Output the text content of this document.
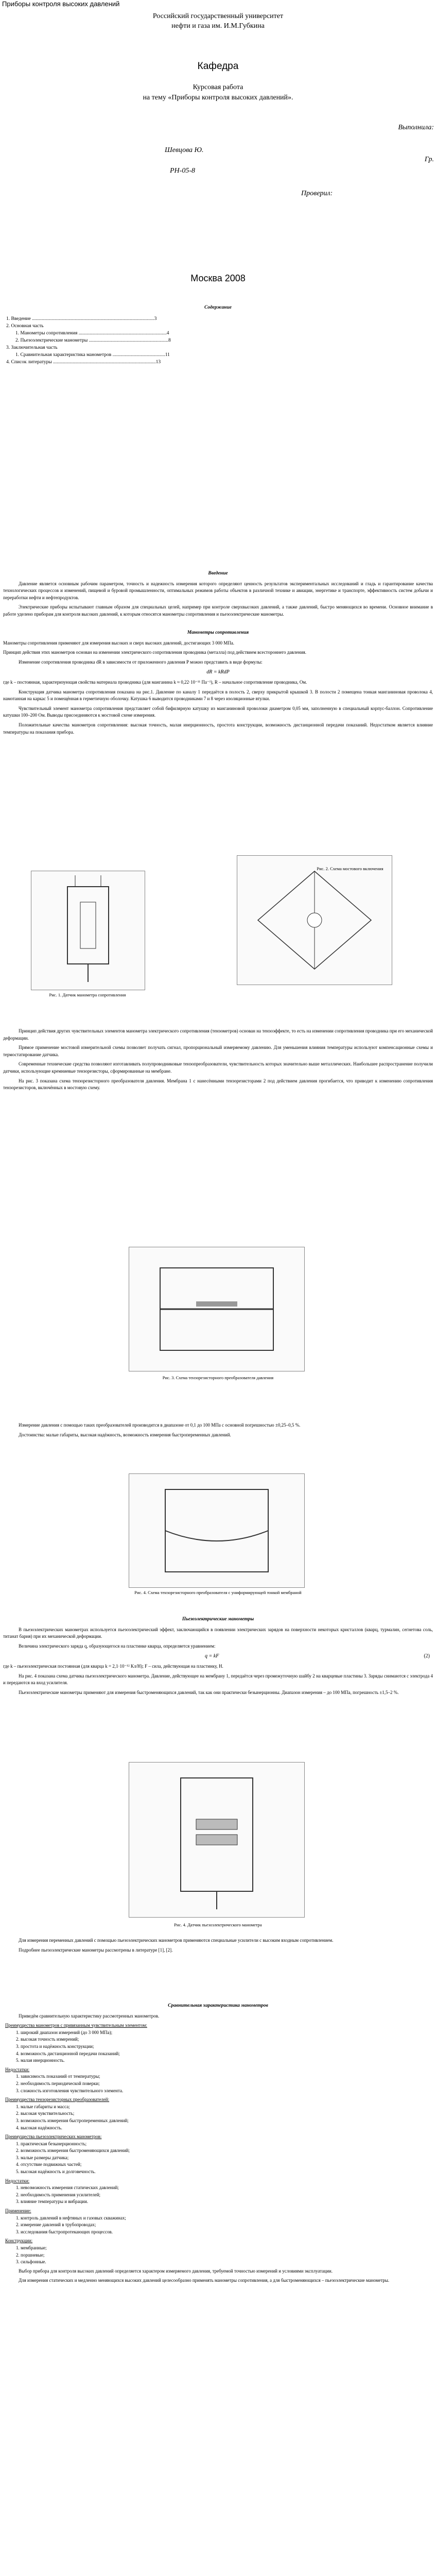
Приборы контроля высоких давлений
Российский государственный университет
нефти и газа им. И.М.Губкина
Кафедра
Курсовая работа
на тему «Приборы контроля высоких давлений».
Выполнила:
Шевцова Ю.
Гр.
РН-05-8
Проверил:
Москва 2008
Содержание
1. Введение ....................................................................................................3
2. Основная часть
1. Манометры сопротивления ........................................................................4
2. Пьезоэлектрические манометры .................................................................8
3. Заключительная часть
1. Сравнительная характеристика манометров ...........................................11
4. Список литературы ....................................................................................13
Введение

Давление является основным рабочим параметром, точность и надежность измерения которого определяют ценность результатов экспериментальных исследований и гладь и гарантирование качества технологических процессов и изменений, пищевой и буровой промышленности, оптимальных режимов работы объектов в различной технике и авиации, энергетике и транспорте, эффективность систем добычи и переработки нефти и нефтепродуктов.

Электрические приборы испытывают главным образом для специальных целей, например при контроле сверхвысоких давлений, а также давлений, быстро меняющихся во времени. Основное внимание в работе уделено приборам для контроля высоких давлений, к которым относятся манометры сопротивления и пьезоэлектрические манометры.

Манометры сопротивления

Манометры сопротивления применяют для измерения высоких и сверх высоких давлений, достигающих 3 000 МПа.

Принцип действия этих манометров основан на изменении электрического сопротивления проводника (металла) под действием всестороннего давления.

Изменение сопротивления проводника dR в зависимости от приложенного давления P можно представить в виде формулы:

dR = kRdP

где k – постоянная, характеризующая свойства материала проводника (для манганина k ≈ 0,22·10⁻¹¹ Па⁻¹), R – начальное сопротивление проводника, Ом.

Конструкция датчика манометра сопротивления показана на рис.1. Давление по каналу 1 передаётся в полость 2, сверху прикрытой крышкой 3. В полости 2 помещена тонкая манганиновая проволока 4, намотанная на каркас 5 и помещённая в герметичную оболочку. Катушка 6 выводится проводниками 7 и 8 через изоляционные втулки.

Чувствительный элемент манометра сопротивления представляет собой бифилярную катушку из манганиновой проволоки диаметром 0,05 мм, заполненную в специальный корпус-баллон. Сопротивление катушки 100–200 Ом. Выводы присоединяются к мостовой схеме измерения.

Положительные качества манометров сопротивления: высокая точность, малая инерционность, простота конструкции, возможность дистанционной передачи показаний. Недостатком является влияние температуры на показания прибора.

Рис. 1. Датчик манометра сопротивления
Рис. 2. Схема мостового включения

Принцип действия других чувствительных элементов манометра электрического сопротивления (тензометров) основан на тензоэффекте, то есть на изменении сопротивления проводника при его механической деформации.

Прямое применение мостовой измерительной схемы позволяет получать сигнал, пропорциональный измеряемому давлению. Для уменьшения влияния температуры используют компенсационные схемы и термостатирование датчика.

Современные технические средства позволяют изготавливать полупроводниковые тензопреобразователи, чувствительность которых значительно выше металлических. Наибольшее распространение получили датчики, использующие кремниевые тензорезисторы, сформированные на мембране.

На рис. 3 показана схема тензорезисторного преобразователя давления. Мембрана 1 с нанесёнными тензорезисторами 2 под действием давления прогибается, что приводит к изменению сопротивления тензорезисторов, включённых в мостовую схему.

Рис. 3. Схема тензорезисторного преобразователя давления

Измерение давления с помощью таких преобразователей производится в диапазоне от 0,1 до 100 МПа с основной погрешностью ±0,25–0,5 %.

Достоинства: малые габариты, высокая надёжность, возможность измерения быстропеременных давлений.

Рис. 4. Схема тензорезисторного преобразователя с униформирующей тонкой мембраной
Пьезоэлектрические манометры

В пьезоэлектрических манометрах используется пьезоэлектрический эффект, заключающийся в появлении электрических зарядов на поверхности некоторых кристаллов (кварц, турмалин, сегнетова соль, титанат бария) при их механической деформации.

Величина электрического заряда q, образующегося на пластинке кварца, определяется уравнением:

q = kF	(2)

где k – пьезоэлектрическая постоянная (для кварца k = 2,1·10⁻¹² Кл/Н); F – сила, действующая на пластинку, Н.

На рис. 4 показана схема датчика пьезоэлектрического манометра. Давление, действующее на мембрану 1, передаётся через промежуточную шайбу 2 на кварцевые пластины 3. Заряды снимаются с электрода 4 и передаются на вход усилителя.

Пьезоэлектрические манометры применяют для измерения быстроменяющихся давлений, так как они практически безынерционны. Диапазон измерения – до 100 МПа, погрешность ±1,5–2 %.

Рис. 4. Датчик пьезоэлектрического манометра

Для измерения переменных давлений с помощью пьезоэлектрических манометров применяются специальные усилители с высоким входным сопротивлением.

Подробнее пьезоэлектрические манометры рассмотрены в литературе [1], [2].

Сравнительная характеристика манометров

Приведём сравнительную характеристику рассмотренных манометров.

Преимущества манометров с привязанным чувствительным элементом:
1. широкий диапазон измерений (до 3 000 МПа);
2. высокая точность измерений;
3. простота и надёжность конструкции;
4. возможность дистанционной передачи показаний;
5. малая инерционность.
Недостатки:
1. зависимость показаний от температуры;
2. необходимость периодической поверки;
3. сложность изготовления чувствительного элемента.
Преимущества тензорезисторных преобразователей:
1. малые габариты и масса;
2. высокая чувствительность;
3. возможность измерения быстропеременных давлений;
4. высокая надёжность.
Преимущества пьезоэлектрических манометров:
1. практическая безынерционность;
2. возможность измерения быстроменяющихся давлений;
3. малые размеры датчика;
4. отсутствие подвижных частей;
5. высокая надёжность и долговечность.
Недостатки:
1. невозможность измерения статических давлений;
2. необходимость применения усилителей;
3. влияние температуры и вибрации.
Применение:
1. контроль давлений в нефтяных и газовых скважинах;
2. измерение давлений в трубопроводах;
3. исследования быстропротекающих процессов.
Конструкции:
1. мембранные;
2. поршневые;
3. сильфонные.

Выбор прибора для контроля высоких давлений определяется характером измеряемого давления, требуемой точностью измерений и условиями эксплуатации.

Для измерения статических и медленно меняющихся высоких давлений целесообразно применять манометры сопротивления, а для быстроменяющихся – пьезоэлектрические манометры.
